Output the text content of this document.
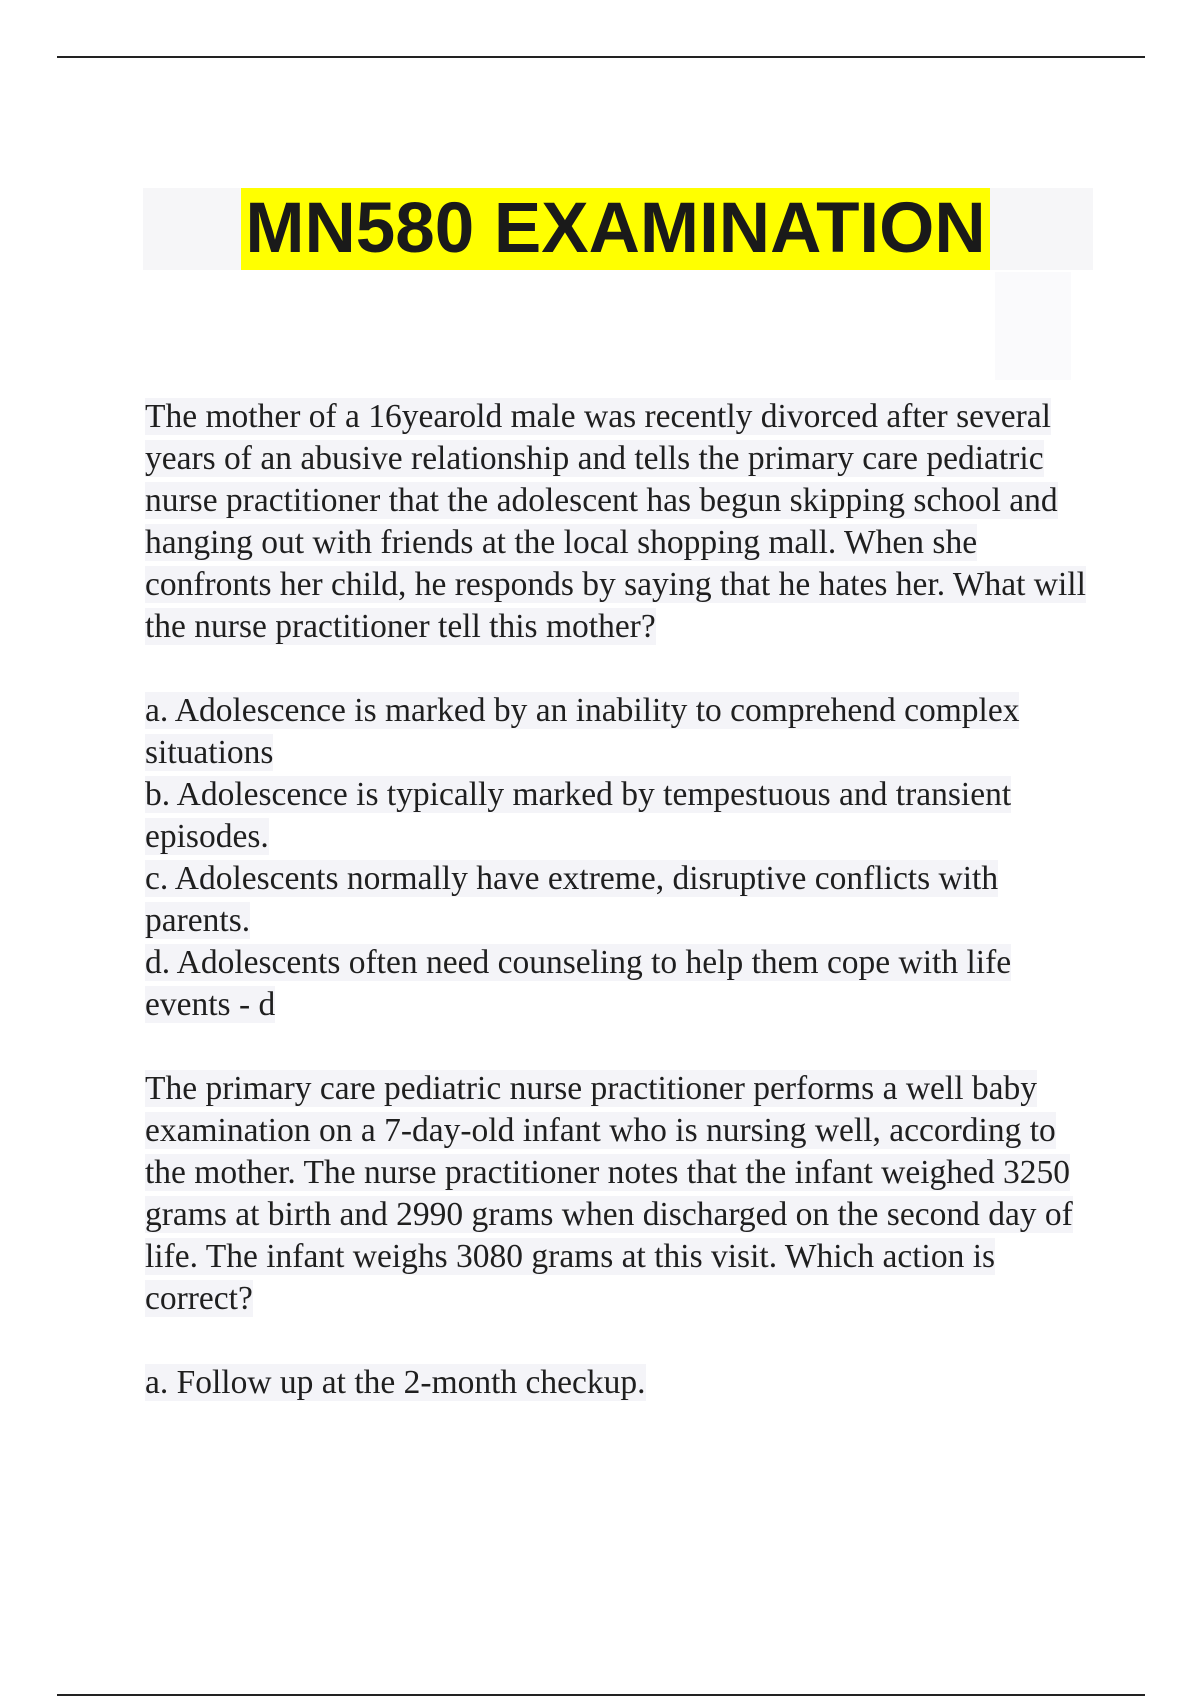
MN580 EXAMINATION

The mother of a 16yearold male was recently divorced after several years of an abusive relationship and tells the primary care pediatric nurse practitioner that the adolescent has begun skipping school and hanging out with friends at the local shopping mall. When she confronts her child, he responds by saying that he hates her. What will the nurse practitioner tell this mother?

a. Adolescence is marked by an inability to comprehend complex situations

b. Adolescence is typically marked by tempestuous and transient episodes.

c. Adolescents normally have extreme, disruptive conflicts with parents.

d. Adolescents often need counseling to help them cope with life events - d

The primary care pediatric nurse practitioner performs a well baby examination on a 7-day-old infant who is nursing well, according to the mother. The nurse practitioner notes that the infant weighed 3250 grams at birth and 2990 grams when discharged on the second day of life. The infant weighs 3080 grams at this visit. Which action is correct?

a. Follow up at the 2-month checkup.
